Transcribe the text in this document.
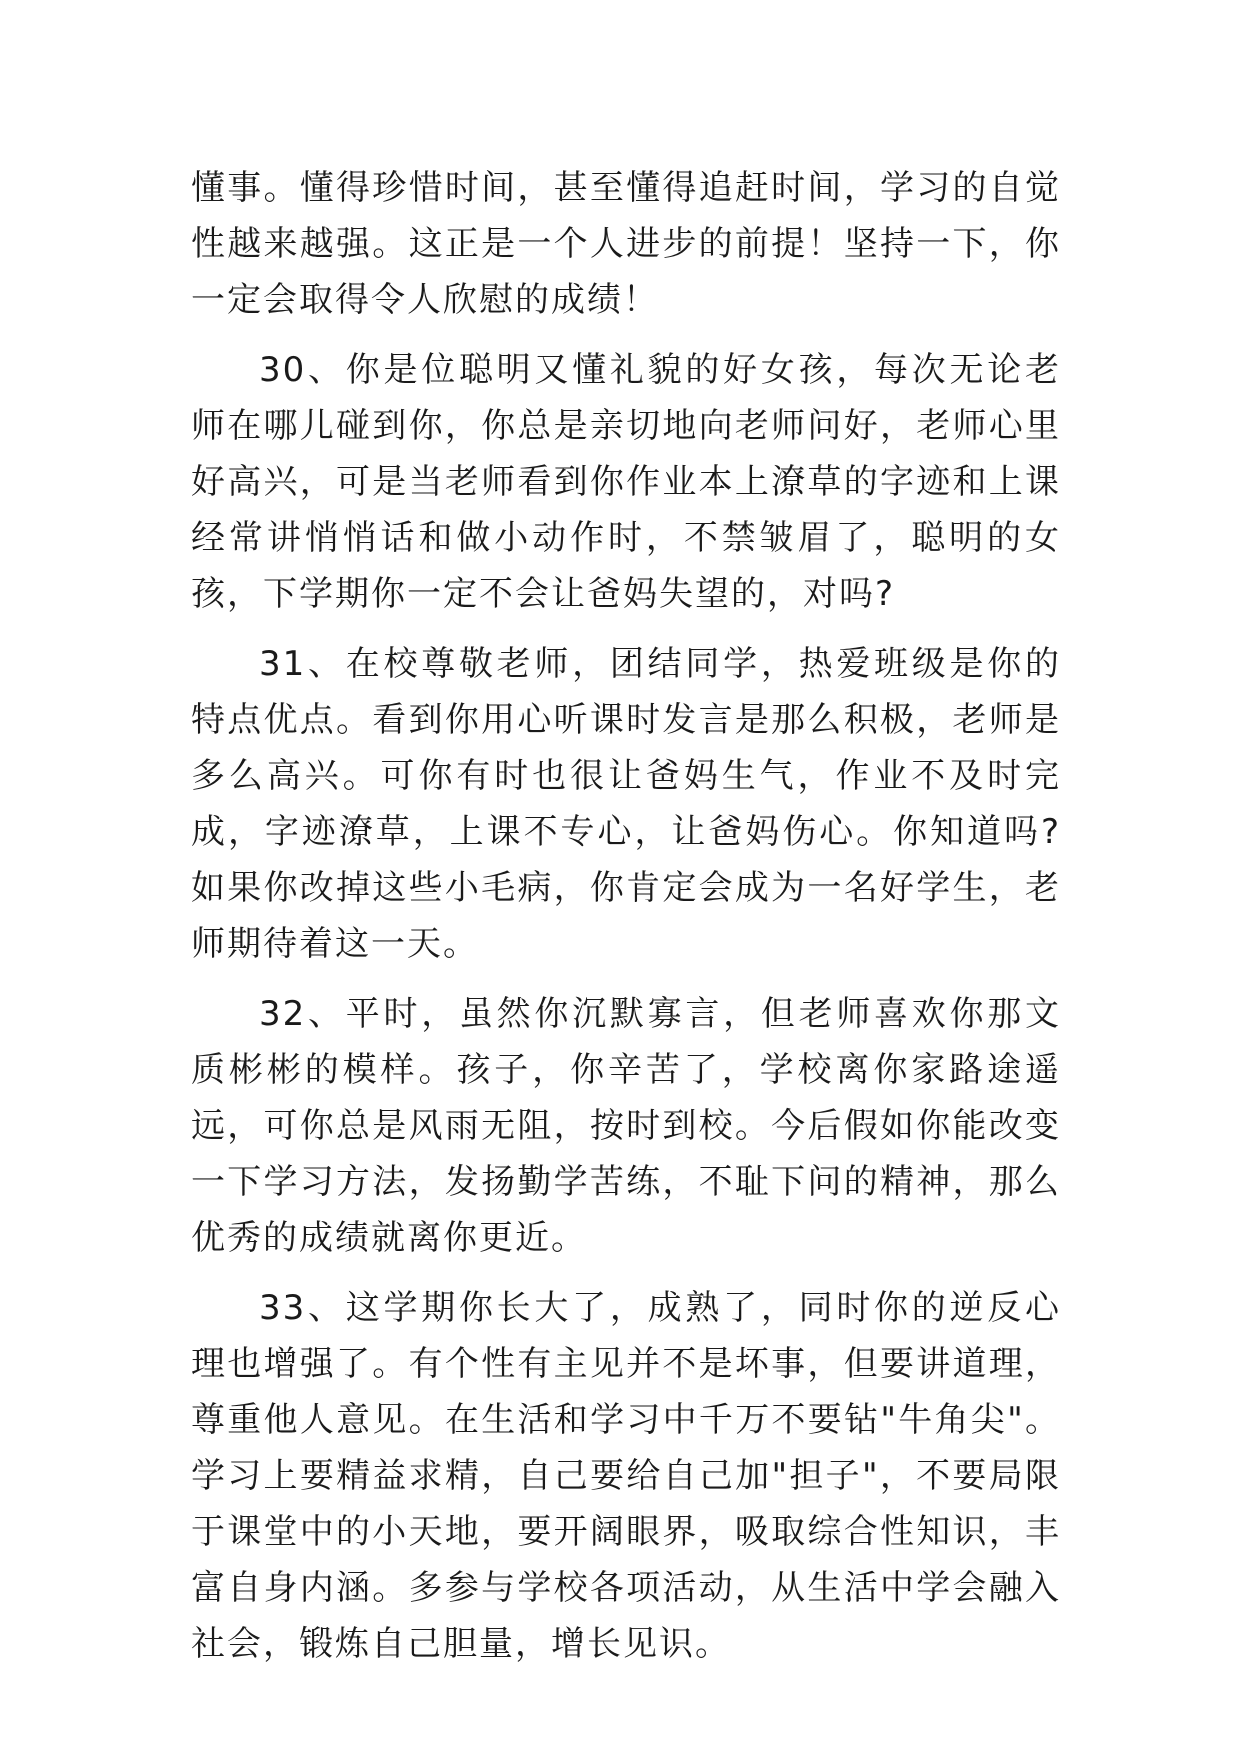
懂事。懂得珍惜时间，甚至懂得追赶时间，学习的自觉性越来越强。这正是一个人进步的前提！坚持一下，你一定会取得令人欣慰的成绩！

30、你是位聪明又懂礼貌的好女孩，每次无论老师在哪儿碰到你，你总是亲切地向老师问好，老师心里好高兴，可是当老师看到你作业本上潦草的字迹和上课经常讲悄悄话和做小动作时，不禁皱眉了，聪明的女孩，下学期你一定不会让爸妈失望的，对吗?

31、在校尊敬老师，团结同学，热爱班级是你的特点优点。看到你用心听课时发言是那么积极，老师是多么高兴。可你有时也很让爸妈生气，作业不及时完成，字迹潦草，上课不专心，让爸妈伤心。你知道吗?如果你改掉这些小毛病，你肯定会成为一名好学生，老师期待着这一天。

32、平时，虽然你沉默寡言，但老师喜欢你那文质彬彬的模样。孩子，你辛苦了，学校离你家路途遥远，可你总是风雨无阻，按时到校。今后假如你能改变一下学习方法，发扬勤学苦练，不耻下问的精神，那么优秀的成绩就离你更近。

33、这学期你长大了，成熟了，同时你的逆反心理也增强了。有个性有主见并不是坏事，但要讲道理，尊重他人意见。在生活和学习中千万不要钻"牛角尖"。学习上要精益求精，自己要给自己加"担子"，不要局限于课堂中的小天地，要开阔眼界，吸取综合性知识，丰富自身内涵。多参与学校各项活动，从生活中学会融入社会，锻炼自己胆量，增长见识。
